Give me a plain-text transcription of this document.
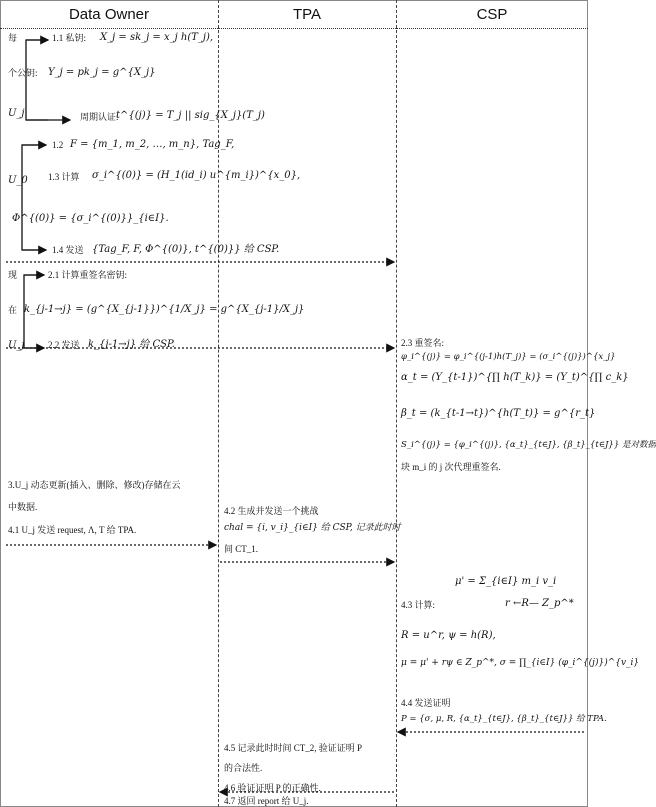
Data Owner	TPA	CSP
每	1.1 私钥: X_j = sk_j = x_j h(T_j),
个公钥: Y_j = pk_j = g^{X_j}
U_j	周期认证:
t^{(j)} = T_j || sig_{X_j}(T_j)
1.2 F = {m_1, m_2, …, m_n}, Tag_F,
U_0 1.3 计算 σ_i^{(0)} = (H_1(id_i) u^{m_i})^{x_0},
Φ^{(0)} = {σ_i^{(0)}}_{i∈I}.
1.4 发送 {Tag_F, F, Φ^{(0)}, t^{(0)}} 给 CSP.
现	2.1 计算重签名密钥:
在 k_{j-1→j} = (g^{X_{j-1}})^{1/X_j} = g^{X_{j-1}/X_j}
U_j	2.2 发送 k_{j-1→j} 给 CSP.
3.U_j 动态更新(插入、删除、修改)存储在云
中数据.
4.1 U_j 发送 request, Λ, T 给 TPA.
4.2 生成并发送一个挑战
chal = {i, v_i}_{i∈I} 给 CSP, 记录此时时
间 CT_1.
4.5 记录此时时间 CT_2, 验证证明 P
的合法性.
4.6 验证证明 P 的正确性.
4.7 返回 report 给 U_j.
2.3 重签名:
φ_i^{(j)} = φ_i^{(j-1)h(T_j)} = (σ_i^{(j)})^{x_j}
α_t = (Y_{t-1})^{∏ h(T_k)} = (Y_t)^{∏ c_k}
β_t = (k_{t-1→t})^{h(T_t)} = g^{r_t}
S_i^{(j)} = {φ_i^{(j)}, {α_t}_{t∈J}, {β_t}_{t∈J}} 是对数据
块 m_i 的 j 次代理重签名.
μ' = Σ_{i∈I} m_i v_i
4.3 计算:	r ←R— Z_p^*
R = u^r, ψ = h(R),
μ = μ' + rψ ∈ Z_p^*, σ = ∏_{i∈I} (φ_i^{(j)})^{v_i}
4.4 发送证明
P = {σ, μ, R, {α_t}_{t∈J}, {β_t}_{t∈J}} 给 TPA.
